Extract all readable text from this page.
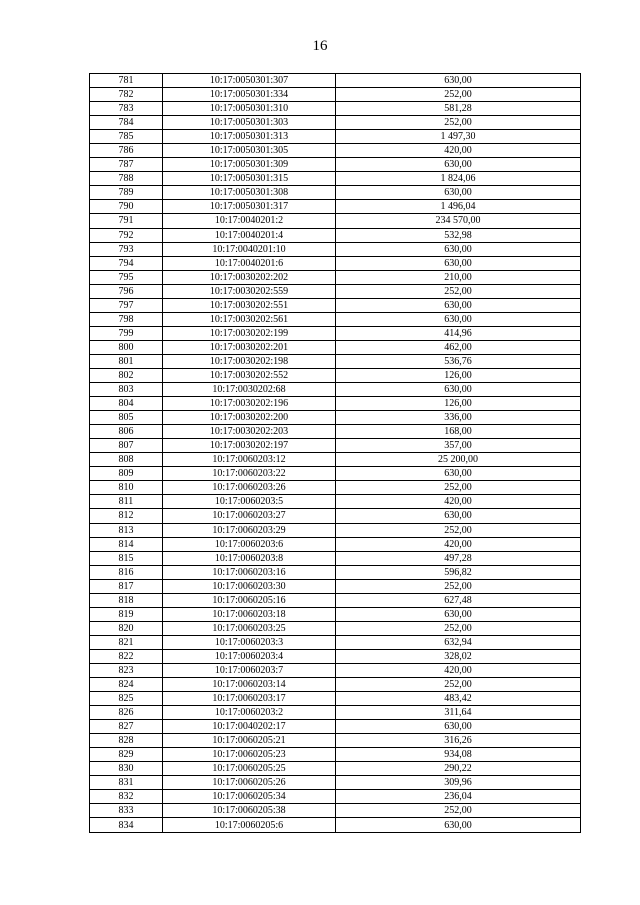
16
781	10:17:0050301:307	630,00
782	10:17:0050301:334	252,00
783	10:17:0050301:310	581,28
784	10:17:0050301:303	252,00
785	10:17:0050301:313	1 497,30
786	10:17:0050301:305	420,00
787	10:17:0050301:309	630,00
788	10:17:0050301:315	1 824,06
789	10:17:0050301:308	630,00
790	10:17:0050301:317	1 496,04
791	10:17:0040201:2	234 570,00
792	10:17:0040201:4	532,98
793	10:17:0040201:10	630,00
794	10:17:0040201:6	630,00
795	10:17:0030202:202	210,00
796	10:17:0030202:559	252,00
797	10:17:0030202:551	630,00
798	10:17:0030202:561	630,00
799	10:17:0030202:199	414,96
800	10:17:0030202:201	462,00
801	10:17:0030202:198	536,76
802	10:17:0030202:552	126,00
803	10:17:0030202:68	630,00
804	10:17:0030202:196	126,00
805	10:17:0030202:200	336,00
806	10:17:0030202:203	168,00
807	10:17:0030202:197	357,00
808	10:17:0060203:12	25 200,00
809	10:17:0060203:22	630,00
810	10:17:0060203:26	252,00
811	10:17:0060203:5	420,00
812	10:17:0060203:27	630,00
813	10:17:0060203:29	252,00
814	10:17:0060203:6	420,00
815	10:17:0060203:8	497,28
816	10:17:0060203:16	596,82
817	10:17:0060203:30	252,00
818	10:17:0060205:16	627,48
819	10:17:0060203:18	630,00
820	10:17:0060203:25	252,00
821	10:17:0060203:3	632,94
822	10:17:0060203:4	328,02
823	10:17:0060203:7	420,00
824	10:17:0060203:14	252,00
825	10:17:0060203:17	483,42
826	10:17:0060203:2	311,64
827	10:17:0040202:17	630,00
828	10:17:0060205:21	316,26
829	10:17:0060205:23	934,08
830	10:17:0060205:25	290,22
831	10:17:0060205:26	309,96
832	10:17:0060205:34	236,04
833	10:17:0060205:38	252,00
834	10:17:0060205:6	630,00
